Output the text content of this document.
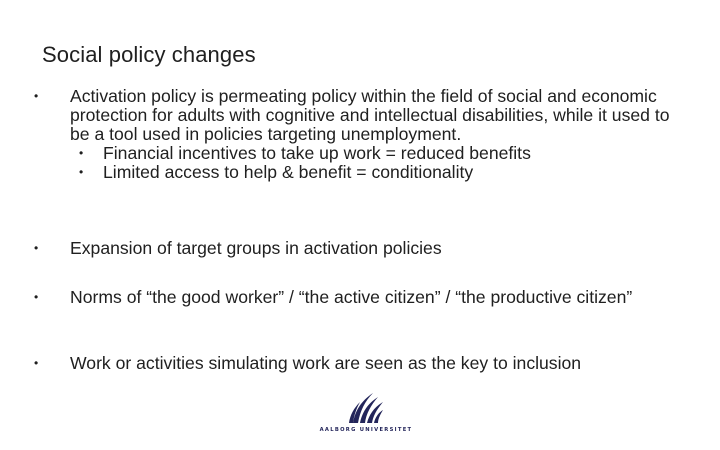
Social policy changes
•	Activation policy is permeating policy within the field of social and economic protection for adults with cognitive and intellectual disabilities, while it used to be a tool used in policies targeting unemployment.
•	Financial incentives to take up work = reduced benefits
•	Limited access to help & benefit = conditionality
•	Expansion of target groups in activation policies
•	Norms of “the good worker” / “the active citizen” / “the productive citizen”
•	Work or activities simulating work are seen as the key to inclusion
AALBORG UNIVERSITET
